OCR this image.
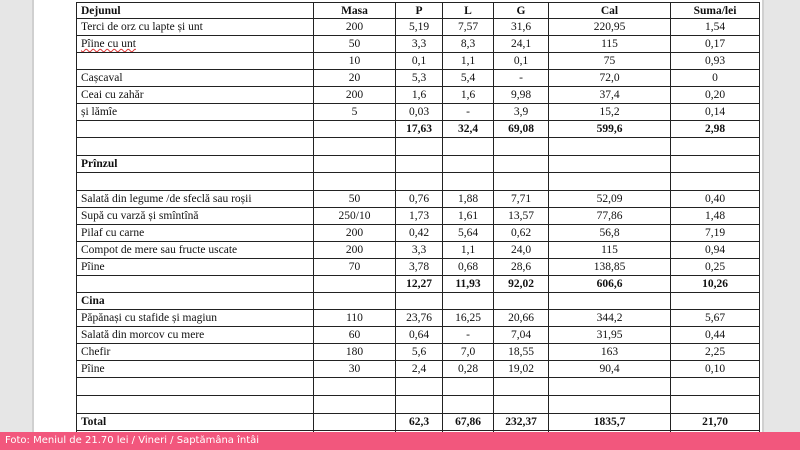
Dejunul	Masa	P	L	G	Cal	Suma/lei
Terci de orz cu lapte și unt	200	5,19	7,57	31,6	220,95	1,54
Pîine cu unt	50	3,3	8,3	24,1	115	0,17
	10	0,1	1,1	0,1	75	0,93
Cașcaval	20	5,3	5,4	-	72,0	0
Ceai cu zahăr	200	1,6	1,6	9,98	37,4	0,20
și lămîe	5	0,03	-	3,9	15,2	0,14
		17,63	32,4	69,08	599,6	2,98

Prînzul						

Salată din legume /de sfeclă sau roșii	50	0,76	1,88	7,71	52,09	0,40
Supă cu varză și smîntînă	250/10	1,73	1,61	13,57	77,86	1,48
Pilaf cu carne	200	0,42	5,64	0,62	56,8	7,19
Compot de mere sau fructe uscate	200	3,3	1,1	24,0	115	0,94
Pîine	70	3,78	0,68	28,6	138,85	0,25
		12,27	11,93	92,02	606,6	10,26
Cina						
Păpănași cu stafide și magiun	110	23,76	16,25	20,66	344,2	5,67
Salată din morcov cu mere	60	0,64	-	7,04	31,95	0,44
Chefir	180	5,6	7,0	18,55	163	2,25
Pîine	30	2,4	0,28	19,02	90,4	0,10

Total		62,3	67,86	232,37	1835,7	21,70

Foto: Meniul de 21.70 lei / Vineri / Saptămâna întâi
